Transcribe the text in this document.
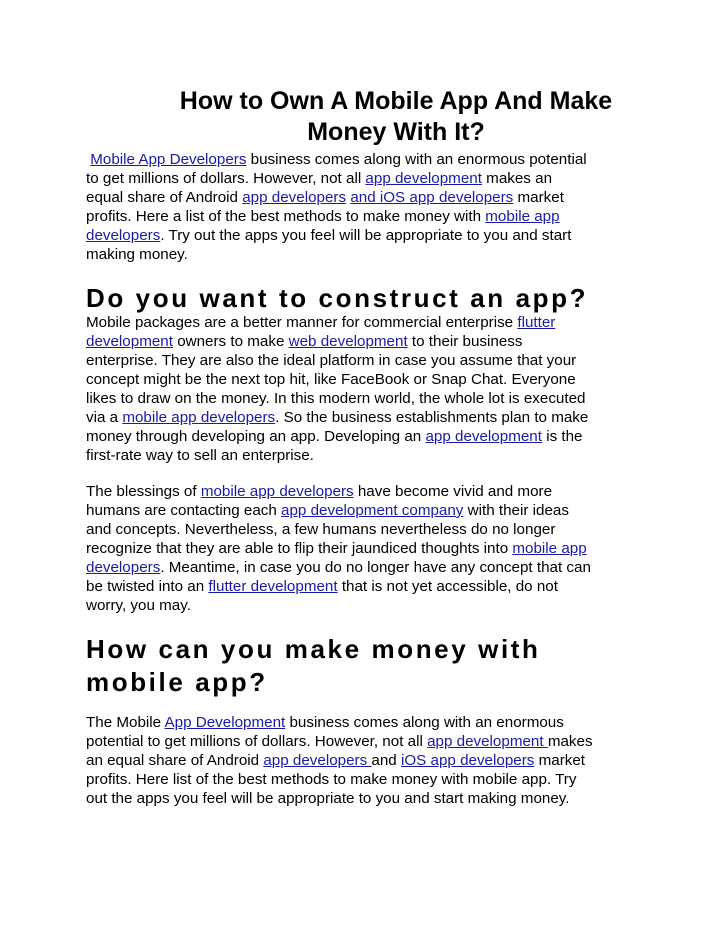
How to Own A Mobile App And Make
Money With It?
Mobile App Developers business comes along with an enormous potential
to get millions of dollars. However, not all app development makes an
equal share of Android app developers and iOS app developers market
profits. Here a list of the best methods to make money with mobile app
developers. Try out the apps you feel will be appropriate to you and start
making money.
Do you want to construct an app?
Mobile packages are a better manner for commercial enterprise flutter
development owners to make web development to their business
enterprise. They are also the ideal platform in case you assume that your
concept might be the next top hit, like FaceBook or Snap Chat. Everyone
likes to draw on the money. In this modern world, the whole lot is executed
via a mobile app developers. So the business establishments plan to make
money through developing an app. Developing an app development is the
first-rate way to sell an enterprise.
The blessings of mobile app developers have become vivid and more
humans are contacting each app development company with their ideas
and concepts. Nevertheless, a few humans nevertheless do no longer
recognize that they are able to flip their jaundiced thoughts into mobile app
developers. Meantime, in case you do no longer have any concept that can
be twisted into an flutter development that is not yet accessible, do not
worry, you may.
How can you make money with
mobile app?
The Mobile App Development business comes along with an enormous
potential to get millions of dollars. However, not all app development makes
an equal share of Android app developers and iOS app developers market
profits. Here list of the best methods to make money with mobile app. Try
out the apps you feel will be appropriate to you and start making money.
